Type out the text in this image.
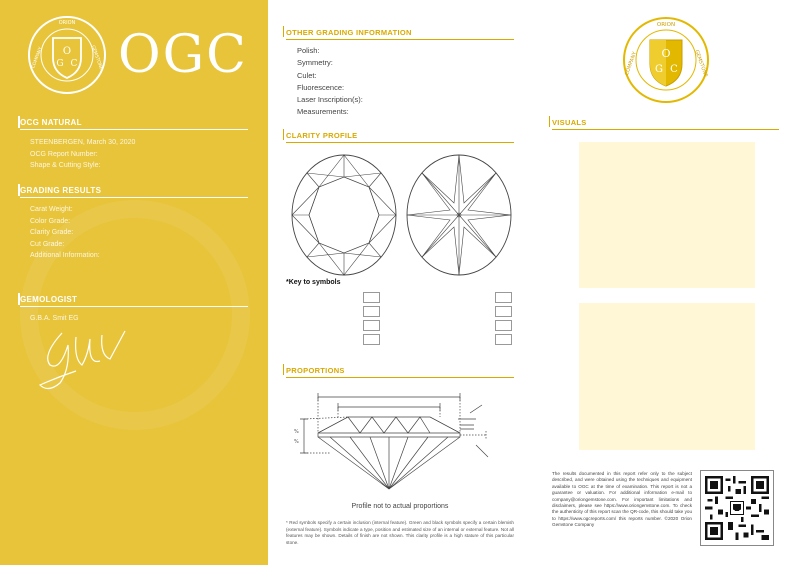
O
G C
ORION
COMPANY	GEMSTONE OGC
OCG NATURAL
STEENBERGEN, March 30, 2020
OCG Report Number:
Shape & Cutting Style:
GRADING RESULTS
Carat Weight:
Color Grade:
Clarity Grade:
Cut Grade:
Additional Information:
GEMOLOGIST
G.B.A. Smit EG
OTHER GRADING INFORMATION
Polish:
Symmetry:
Culet:
Fluorescence:
Laser Inscription(s):
Measurements:
CLARITY PROFILE
*Key to symbols
PROPORTIONS
%
%
Profile not to actual proportions
* Red symbols specify a certain inclusion (internal feature). Green and black symbols specify a certain blemish (external feature). Symbols indicate a type, position and estimated size of an internal or external feature. Not all features may be shown. Details of finish are not shown. This clarity profile is a high stature of this particular stone.
O
G C
ORION
COMPANY	GEMSTONE
VISUALS
The results documented in this report refer only to the subject described, and were obtained using the techniques and equipment available to OGC at the time of examination. This report is not a guarantee or valuation. For additional information e-mail to company@oriongemstone.com. For important limitations and disclaimers, please see https://www.oriongemstone.com. To check the authenticity of this report scan the QR-code, this should take you to https://www.ogcreports.com/ this reports number. ©2020 Orion Gemstone Company
